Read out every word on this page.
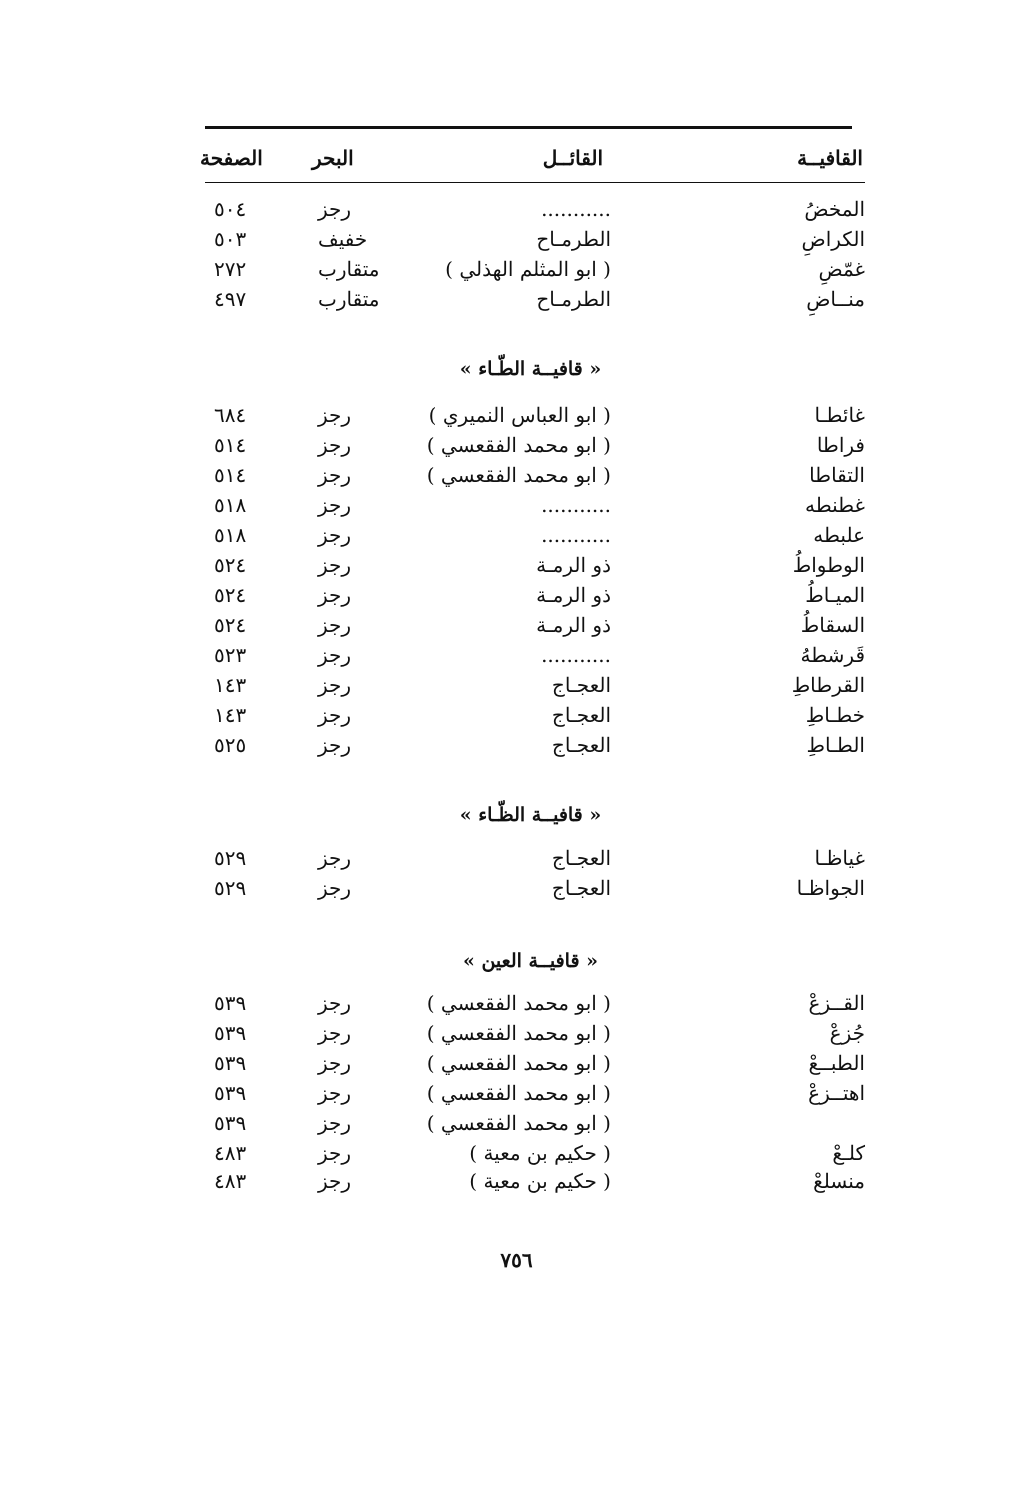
القافيــة
القائــل
البحر
الصفحة
المخضُ
...........
رجز
٥٠٤
الكراضِ
الطرمـاح
خفيف
٥٠٣
غمّضِ
( ابو المثلم الهذلي )
متقارب
٢٧٢
منــاضِ
الطرمـاح
متقارب
٤٩٧
« قافيــة الطّـاء »
غائطـا
( ابو العباس النميري )
رجز
٦٨٤
فراطا
( ابو محمد الفقعسي )
رجز
٥١٤
التقاطا
( ابو محمد الفقعسي )
رجز
٥١٤
غطنطه
...........
رجز
٥١٨
علبطه
...........
رجز
٥١٨
الوطواطُ
ذو الرمـة
رجز
٥٢٤
الميـاطُ
ذو الرمـة
رجز
٥٢٤
السقاطُ
ذو الرمـة
رجز
٥٢٤
قَرشطهُ
...........
رجز
٥٢٣
القرطاطِ
العجـاج
رجز
١٤٣
خطـاطِ
العجـاج
رجز
١٤٣
الطـاطِ
العجـاج
رجز
٥٢٥
« قافيــة الظّـاء »
غياظـا
العجـاج
رجز
٥٢٩
الجواظـا
العجـاج
رجز
٥٢٩
« قافيــة العين »
القــزعْ
( ابو محمد الفقعسي )
رجز
٥٣٩
جُزعْ
( ابو محمد الفقعسي )
رجز
٥٣٩
الطبــعْ
( ابو محمد الفقعسي )
رجز
٥٣٩
اهتــزعْ
( ابو محمد الفقعسي )
رجز
٥٣٩
( ابو محمد الفقعسي )
رجز
٥٣٩
كلـعْ
( حكيم بن معية )
رجز
٤٨٣
منسلعْ
( حكيم بن معية )
رجز
٤٨٣
٧٥٦
